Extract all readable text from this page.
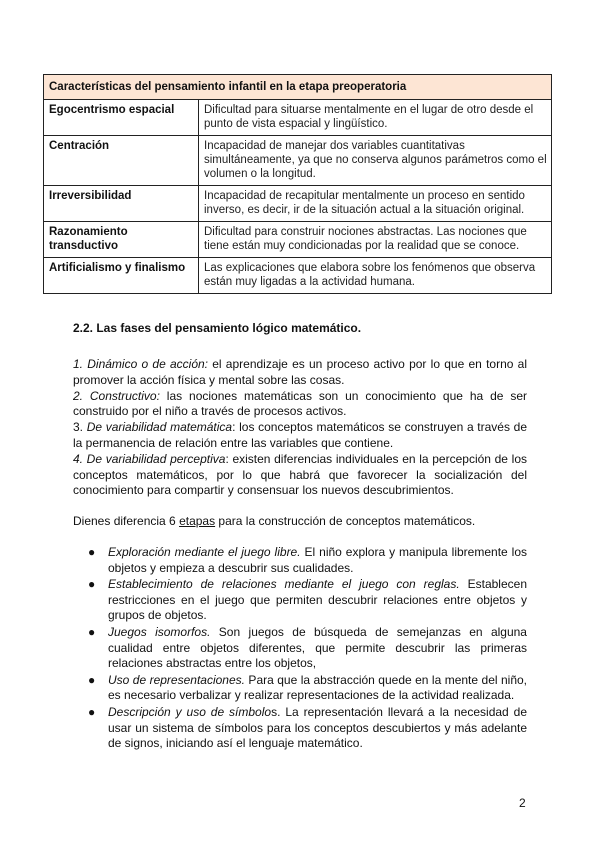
Características del pensamiento infantil en la etapa preoperatoria	
Egocentrismo espacial	Dificultad para situarse mentalmente en el lugar de otro desde el punto de vista espacial y lingüístico.
Centración	Incapacidad de manejar dos variables cuantitativas simultáneamente, ya que no conserva algunos parámetros como el volumen o la longitud.
Irreversibilidad	Incapacidad de recapitular mentalmente un proceso en sentido inverso, es decir, ir de la situación actual a la situación original.
Razonamiento transductivo	Dificultad para construir nociones abstractas. Las nociones que tiene están muy condicionadas por la realidad que se conoce.
Artificialismo y finalismo	Las explicaciones que elabora sobre los fenómenos que observa están muy ligadas a la actividad humana.
2.2. Las fases del pensamiento lógico matemático.
1. Dinámico o de acción: el aprendizaje es un proceso activo por lo que en torno al promover la acción física y mental sobre las cosas.
2. Constructivo: las nociones matemáticas son un conocimiento que ha de ser construido por el niño a través de procesos activos.
3. De variabilidad matemática: los conceptos matemáticos se construyen a través de la permanencia de relación entre las variables que contiene.
4. De variabilidad perceptiva: existen diferencias individuales en la percepción de los conceptos matemáticos, por lo que habrá que favorecer la socialización del conocimiento para compartir y consensuar los nuevos descubrimientos.
Dienes diferencia 6 etapas para la construcción de conceptos matemáticos.
● Exploración mediante el juego libre. El niño explora y manipula libremente los objetos y empieza a descubrir sus cualidades.
● Establecimiento de relaciones mediante el juego con reglas. Establecen restricciones en el juego que permiten descubrir relaciones entre objetos y grupos de objetos.
● Juegos isomorfos. Son juegos de búsqueda de semejanzas en alguna cualidad entre objetos diferentes, que permite descubrir las primeras relaciones abstractas entre los objetos,
● Uso de representaciones. Para que la abstracción quede en la mente del niño, es necesario verbalizar y realizar representaciones de la actividad realizada.
● Descripción y uso de símbolos. La representación llevará a la necesidad de usar un sistema de símbolos para los conceptos descubiertos y más adelante de signos, iniciando así el lenguaje matemático.
2
